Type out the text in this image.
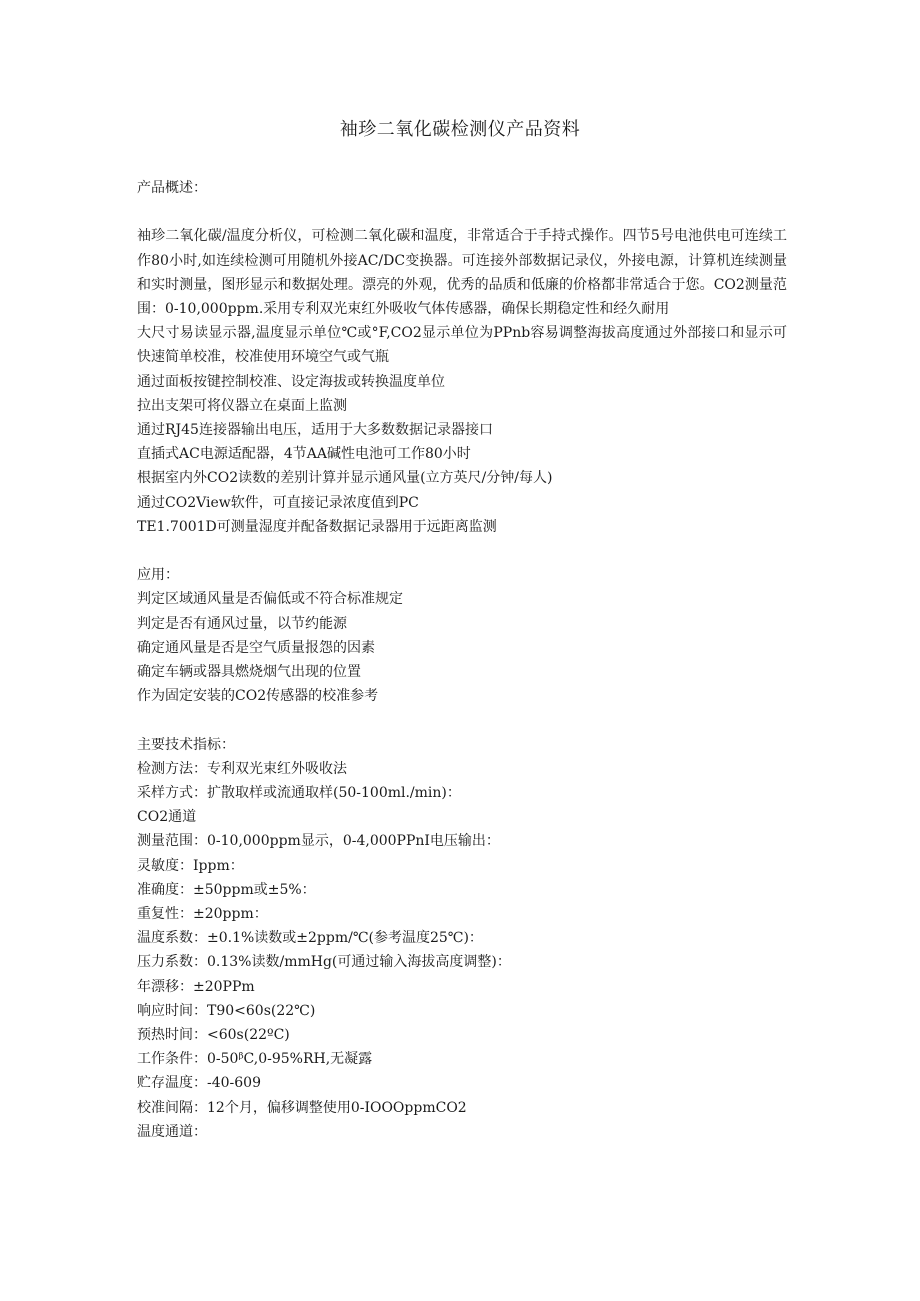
袖珍二氧化碳检测仪产品资料

产品概述：

袖珍二氧化碳/温度分析仪，可检测二氧化碳和温度，非常适合于手持式操作。四节5号电池供电可连续工作80小时,如连续检测可用随机外接AC/DC变换器。可连接外部数据记录仪，外接电源，计算机连续测量和实时测量，图形显示和数据处理。漂亮的外观，优秀的品质和低廉的价格都非常适合于您。CO2测量范围：0-10,000ppm.采用专利双光束红外吸收气体传感器，确保长期稳定性和经久耐用

大尺寸易读显示器,温度显示单位℃或°F,CO2显示单位为PPnb容易调整海拔高度通过外部接口和显示可快速简单校准，校准使用环境空气或气瓶
通过面板按键控制校准、设定海拔或转换温度单位
拉出支架可将仪器立在桌面上监测
通过RJ45连接器输出电压，适用于大多数数据记录器接口
直插式AC电源适配器，4节AA碱性电池可工作80小时
根据室内外CO2读数的差别计算并显示通风量(立方英尺/分钟/每人)
通过CO2View软件，可直接记录浓度值到PC
TE1.7001D可测量湿度并配备数据记录器用于远距离监测

应用：

判定区域通风量是否偏低或不符合标准规定
判定是否有通风过量，以节约能源
确定通风量是否是空气质量报怨的因素
确定车辆或器具燃烧烟气出现的位置
作为固定安装的CO2传感器的校准参考

主要技术指标：

检测方法：专利双光束红外吸收法
采样方式：扩散取样或流通取样(50-100ml./min)：
CO2通道
测量范围：0-10,000ppm显示，0-4,000PPnI电压输出：
灵敏度：Ippm：
准确度：±50ppm或±5%：
重复性：±20ppm：
温度系数：±0.1%读数或±2ppm/℃(参考温度25℃)：
压力系数：0.13%读数/mmHg(可通过输入海拔高度调整)：
年漂移：±20PPm
响应时间：T90<60s(22℃)
预热时间：<60s(22ºC)
工作条件：0-50ᵝC,0-95%RH,无凝露
贮存温度：-40-609
校准间隔：12个月，偏移调整使用0-IOOOppmCO2
温度通道：
